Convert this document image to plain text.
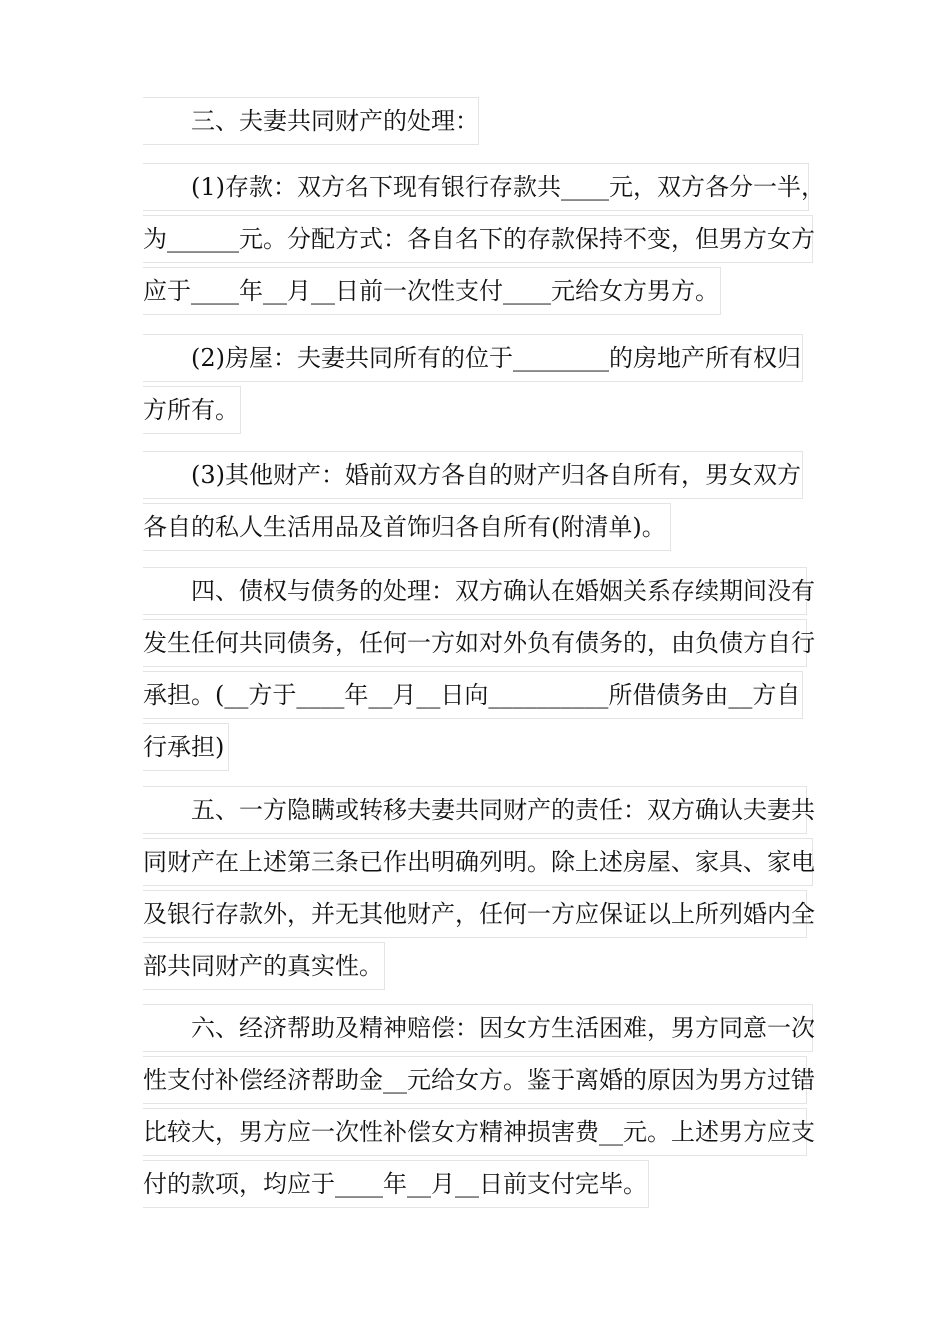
三、夫妻共同财产的处理：
(1)存款：双方名下现有银行存款共____元，双方各分一半，
为______元。分配方式：各自名下的存款保持不变，但男方女方
应于____年__月__日前一次性支付____元给女方男方。
(2)房屋：夫妻共同所有的位于________的房地产所有权归
方所有。
(3)其他财产：婚前双方各自的财产归各自所有，男女双方
各自的私人生活用品及首饰归各自所有(附清单)。
四、债权与债务的处理：双方确认在婚姻关系存续期间没有
发生任何共同债务，任何一方如对外负有债务的，由负债方自行
承担。(__方于____年__月__日向__________所借债务由__方自
行承担)
五、一方隐瞒或转移夫妻共同财产的责任：双方确认夫妻共
同财产在上述第三条已作出明确列明。除上述房屋、家具、家电
及银行存款外，并无其他财产，任何一方应保证以上所列婚内全
部共同财产的真实性。
六、经济帮助及精神赔偿：因女方生活困难，男方同意一次
性支付补偿经济帮助金__元给女方。鉴于离婚的原因为男方过错
比较大，男方应一次性补偿女方精神损害费__元。上述男方应支
付的款项，均应于____年__月__日前支付完毕。
